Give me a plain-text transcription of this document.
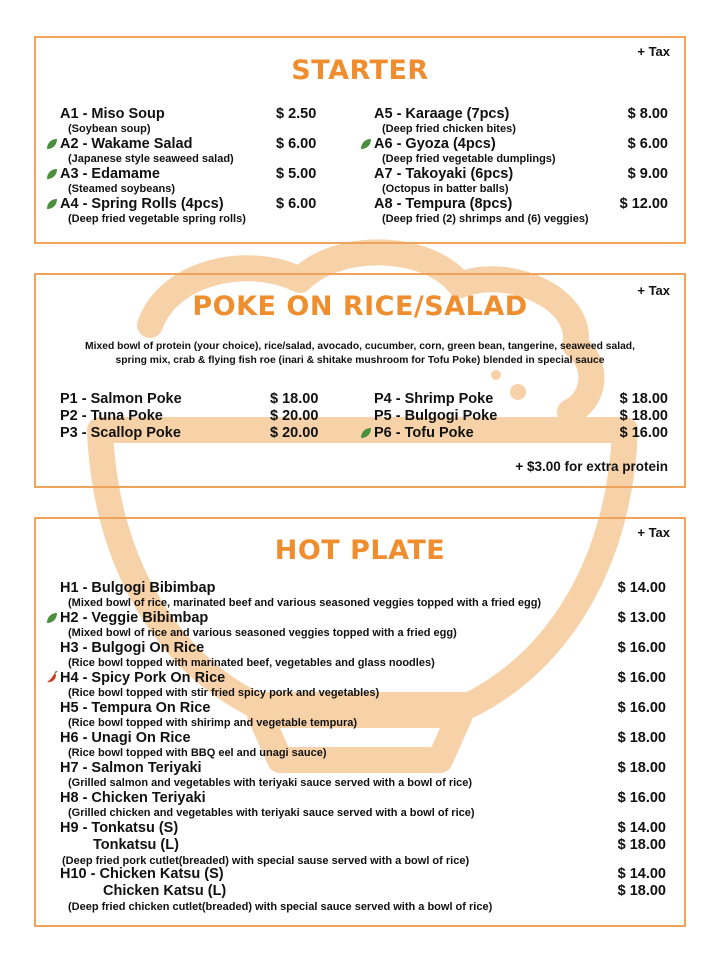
+ Tax
STARTER
A1 - Miso Soup
(Soybean soup)
$ 2.50
A2 - Wakame Salad
(Japanese style seaweed salad)
$ 6.00
A3 - Edamame
(Steamed soybeans)
$ 5.00
A4 - Spring Rolls (4pcs)
(Deep fried vegetable spring rolls)
$ 6.00
A5 - Karaage (7pcs)
(Deep fried chicken bites)
$ 8.00
A6 - Gyoza (4pcs)
(Deep fried vegetable dumplings)
$ 6.00
A7 - Takoyaki (6pcs)
(Octopus in batter balls)
$ 9.00
A8 - Tempura (8pcs)
(Deep fried (2) shrimps and (6) veggies)
$ 12.00
+ Tax
POKE ON RICE/SALAD
Mixed bowl of protein (your choice), rice/salad, avocado, cucumber, corn, green bean, tangerine, seaweed salad,
spring mix, crab & flying fish roe (inari & shitake mushroom for Tofu Poke) blended in special sauce
P1 - Salmon Poke	$ 18.00
P2 - Tuna Poke	$ 20.00
P3 - Scallop Poke	$ 20.00
P4 - Shrimp Poke	$ 18.00
P5 - Bulgogi Poke	$ 18.00
P6 - Tofu Poke	$ 16.00
+ $3.00 for extra protein
+ Tax
HOT PLATE
H1 - Bulgogi Bibimbap
(Mixed bowl of rice, marinated beef and various seasoned veggies topped with a fried egg)
$ 14.00
H2 - Veggie Bibimbap
(Mixed bowl of rice and various seasoned veggies topped with a fried egg)
$ 13.00
H3 - Bulgogi On Rice
(Rice bowl topped with marinated beef, vegetables and glass noodles)
$ 16.00
H4 - Spicy Pork On Rice
(Rice bowl topped with stir fried spicy pork and vegetables)
$ 16.00
H5 - Tempura On Rice
(Rice bowl topped with shirimp and vegetable tempura)
$ 16.00
H6 - Unagi On Rice
(Rice bowl topped with BBQ eel and unagi sauce)
$ 18.00
H7 - Salmon Teriyaki
(Grilled salmon and vegetables with teriyaki sauce served with a bowl of rice)
$ 18.00
H8 - Chicken Teriyaki
(Grilled chicken and vegetables with teriyaki sauce served with a bowl of rice)
$ 16.00
H9 - Tonkatsu (S)	$ 14.00
Tonkatsu (L)	$ 18.00
(Deep fried pork cutlet(breaded) with special sause served with a bowl of rice)
H10 - Chicken Katsu (S)	$ 14.00
Chicken Katsu (L)	$ 18.00
(Deep fried chicken cutlet(breaded) with special sauce served with a bowl of rice)
